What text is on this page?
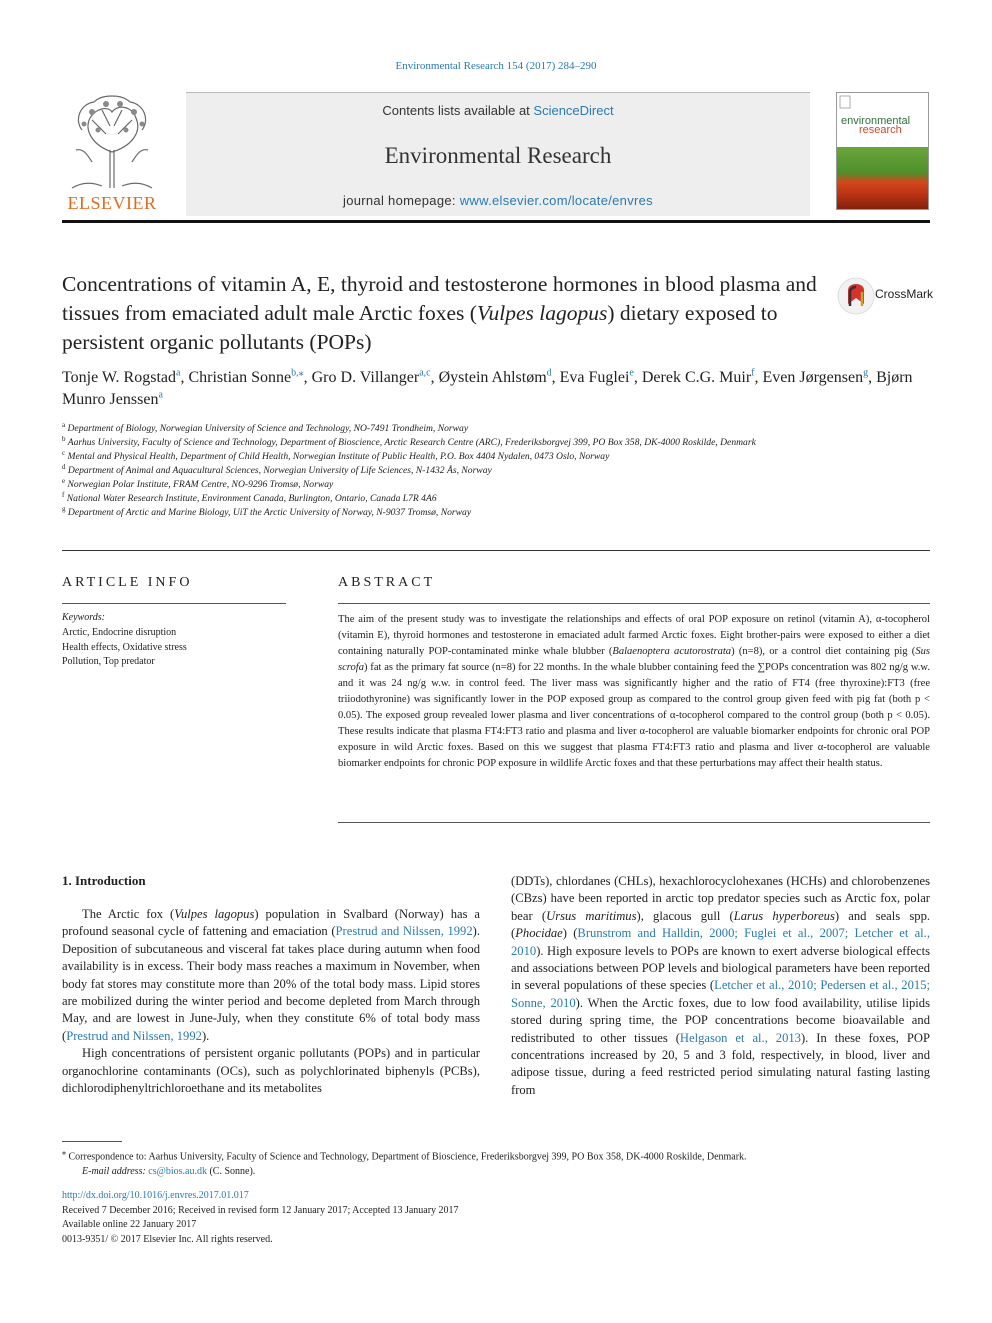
Environmental Research 154 (2017) 284–290
ELSEVIER
Contents lists available at ScienceDirect
Environmental Research
journal homepage: www.elsevier.com/locate/envres
environmental
research
Concentrations of vitamin A, E, thyroid and testosterone hormones in blood plasma and tissues from emaciated adult male Arctic foxes (Vulpes lagopus) dietary exposed to persistent organic pollutants (POPs)
CrossMark
Tonje W. Rogstad$^a$, Christian Sonne$^{b,⁎}$, Gro D. Villanger$^{a,c}$, Øystein Ahlstøm$^d$, Eva Fuglei$^e$, Derek C.G. Muir$^f$, Even Jørgensen$^g$, Bjørn Munro Jenssen$^a$
$^a$ Department of Biology, Norwegian University of Science and Technology, NO-7491 Trondheim, Norway
$^b$ Aarhus University, Faculty of Science and Technology, Department of Bioscience, Arctic Research Centre (ARC), Frederiksborgvej 399, PO Box 358, DK-4000 Roskilde, Denmark
$^c$ Mental and Physical Health, Department of Child Health, Norwegian Institute of Public Health, P.O. Box 4404 Nydalen, 0473 Oslo, Norway
$^d$ Department of Animal and Aquacultural Sciences, Norwegian University of Life Sciences, N-1432 Ås, Norway
$^e$ Norwegian Polar Institute, FRAM Centre, NO-9296 Tromsø, Norway
$^f$ National Water Research Institute, Environment Canada, Burlington, Ontario, Canada L7R 4A6
$^g$ Department of Arctic and Marine Biology, UiT the Arctic University of Norway, N-9037 Tromsø, Norway
ARTICLE INFO
Keywords:
Arctic, Endocrine disruption
Health effects, Oxidative stress
Pollution, Top predator
ABSTRACT
The aim of the present study was to investigate the relationships and effects of oral POP exposure on retinol (vitamin A), α-tocopherol (vitamin E), thyroid hormones and testosterone in emaciated adult farmed Arctic foxes. Eight brother-pairs were exposed to either a diet containing naturally POP-contaminated minke whale blubber (Balaenoptera acutorostrata) (n=8), or a control diet containing pig (Sus scrofa) fat as the primary fat source (n=8) for 22 months. In the whale blubber containing feed the ∑POPs concentration was 802 ng/g w.w. and it was 24 ng/g w.w. in control feed. The liver mass was significantly higher and the ratio of FT4 (free thyroxine):FT3 (free triiodothyronine) was significantly lower in the POP exposed group as compared to the control group given feed with pig fat (both p < 0.05). The exposed group revealed lower plasma and liver concentrations of α-tocopherol compared to the control group (both p < 0.05). These results indicate that plasma FT4:FT3 ratio and plasma and liver α-tocopherol are valuable biomarker endpoints for chronic oral POP exposure in wild Arctic foxes. Based on this we suggest that plasma FT4:FT3 ratio and plasma and liver α-tocopherol are valuable biomarker endpoints for chronic POP exposure in wildlife Arctic foxes and that these perturbations may affect their health status.
1. Introduction

The Arctic fox (Vulpes lagopus) population in Svalbard (Norway) has a profound seasonal cycle of fattening and emaciation (Prestrud and Nilssen, 1992). Deposition of subcutaneous and visceral fat takes place during autumn when food availability is in excess. Their body mass reaches a maximum in November, when body fat stores may constitute more than 20% of the total body mass. Lipid stores are mobilized during the winter period and become depleted from March through May, and are lowest in June-July, when they constitute 6% of total body mass (Prestrud and Nilssen, 1992).

High concentrations of persistent organic pollutants (POPs) and in particular organochlorine contaminants (OCs), such as polychlorinated biphenyls (PCBs), dichlorodiphenyltrichloroethane and its metabolites

(DDTs), chlordanes (CHLs), hexachlorocyclohexanes (HCHs) and chlorobenzenes (CBzs) have been reported in arctic top predator species such as Arctic fox, polar bear (Ursus maritimus), glacous gull (Larus hyperboreus) and seals spp. (Phocidae) (Brunstrom and Halldin, 2000; Fuglei et al., 2007; Letcher et al., 2010). High exposure levels to POPs are known to exert adverse biological effects and associations between POP levels and biological parameters have been reported in several populations of these species (Letcher et al., 2010; Pedersen et al., 2015; Sonne, 2010). When the Arctic foxes, due to low food availability, utilise lipids stored during spring time, the POP concentrations become bioavailable and redistributed to other tissues (Helgason et al., 2013). In these foxes, POP concentrations increased by 20, 5 and 3 fold, respectively, in blood, liver and adipose tissue, during a feed restricted period simulating natural fasting lasting from
⁎ Correspondence to: Aarhus University, Faculty of Science and Technology, Department of Bioscience, Frederiksborgvej 399, PO Box 358, DK-4000 Roskilde, Denmark.
E-mail address: cs@bios.au.dk (C. Sonne).
http://dx.doi.org/10.1016/j.envres.2017.01.017
Received 7 December 2016; Received in revised form 12 January 2017; Accepted 13 January 2017
Available online 22 January 2017
0013-9351/ © 2017 Elsevier Inc. All rights reserved.
